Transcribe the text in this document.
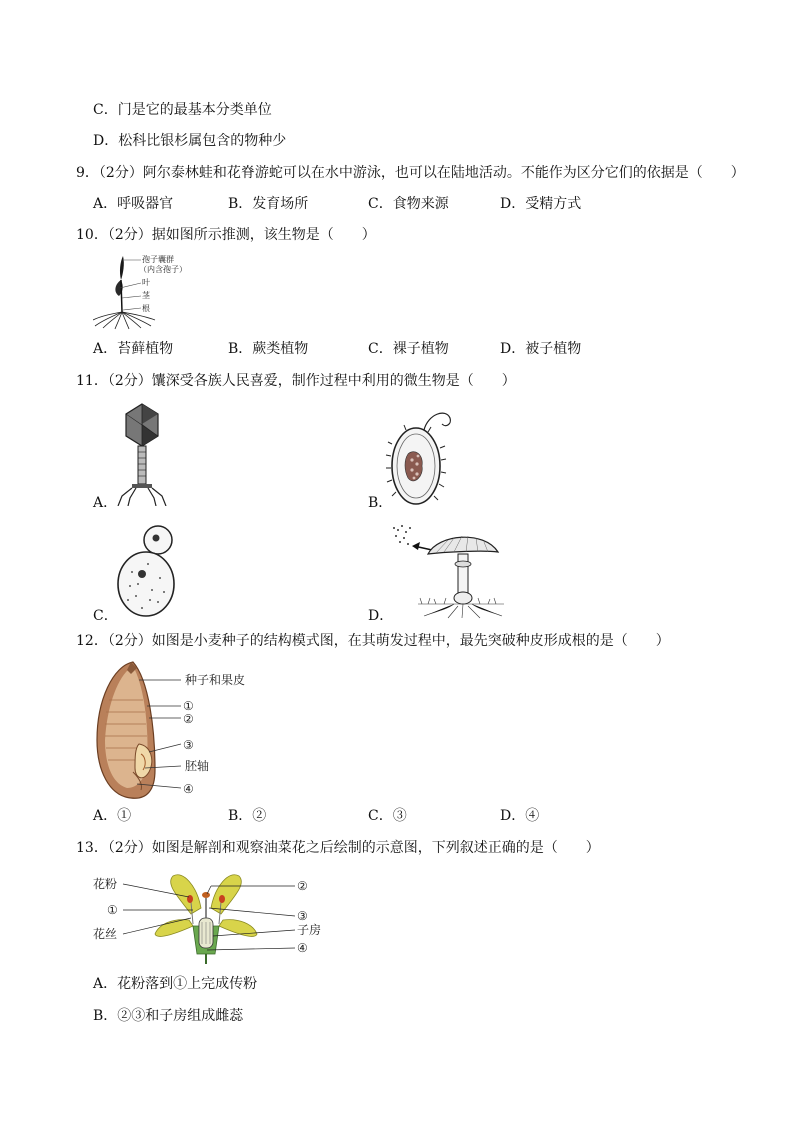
C．门是它的最基本分类单位
D．松科比银杉属包含的物种少
9．（2分）阿尔泰林蛙和花脊游蛇可以在水中游泳，也可以在陆地活动。不能作为区分它们的依据是（　　）
A．呼吸器官	B．发育场所	C．食物来源	D．受精方式
10．（2分）据如图所示推测，该生物是（　　）
孢子囊群
（内含孢子）
叶
茎
根
A．苔藓植物	B．蕨类植物	C．裸子植物	D．被子植物
11．（2分）馕深受各族人民喜爱，制作过程中利用的微生物是（　　）
A．	B．
C．	D．
12．（2分）如图是小麦种子的结构模式图，在其萌发过程中，最先突破种皮形成根的是（　　）
种子和果皮
①
②
③
胚轴
④
A．①	B．②	C．③	D．④
13．（2分）如图是解剖和观察油菜花之后绘制的示意图，下列叙述正确的是（　　）
花粉
①
花丝
②
③
子房
④
A．花粉落到①上完成传粉
B．②③和子房组成雌蕊
